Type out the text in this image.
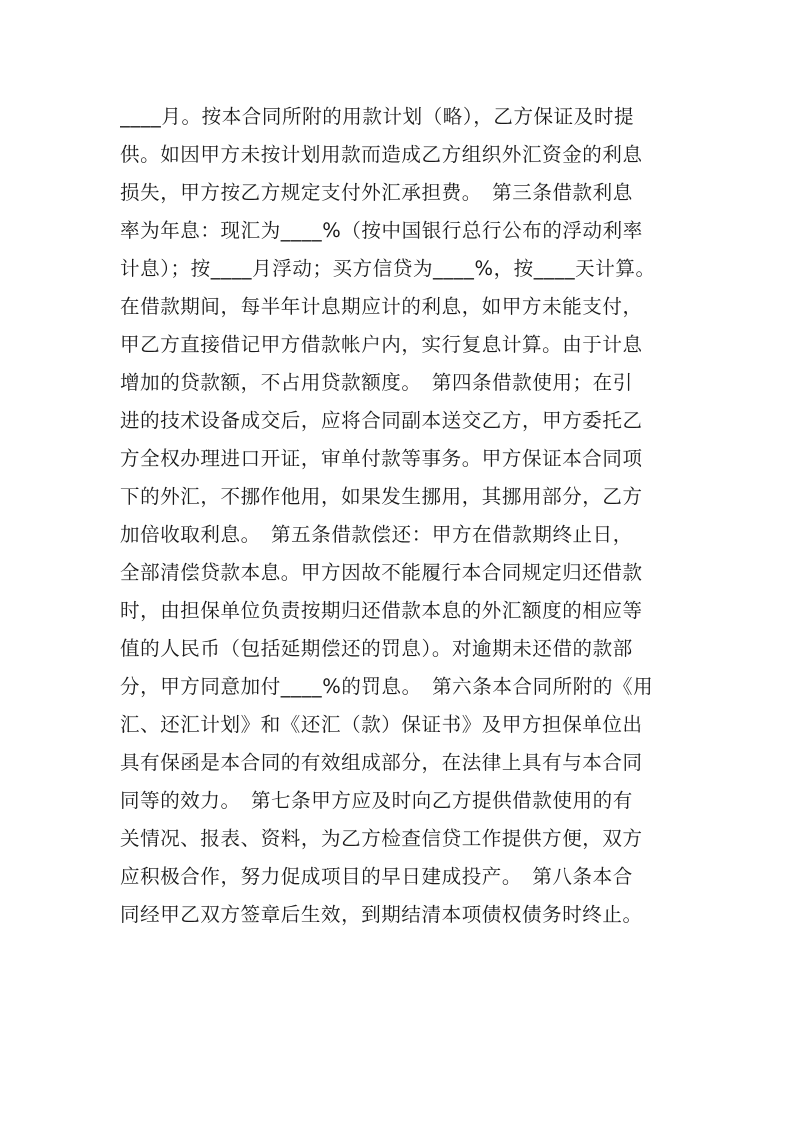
____月。按本合同所附的用款计划（略），乙方保证及时提
供。如因甲方未按计划用款而造成乙方组织外汇资金的利息
损失，甲方按乙方规定支付外汇承担费。　第三条借款利息
率为年息：现汇为____%（按中国银行总行公布的浮动利率
计息）；按____月浮动；买方信贷为____%，按____天计算。
在借款期间，每半年计息期应计的利息，如甲方未能支付，
甲乙方直接借记甲方借款帐户内，实行复息计算。由于计息
增加的贷款额，不占用贷款额度。　第四条借款使用；在引
进的技术设备成交后，应将合同副本送交乙方，甲方委托乙
方全权办理进口开证，审单付款等事务。甲方保证本合同项
下的外汇，不挪作他用，如果发生挪用，其挪用部分，乙方
加倍收取利息。　第五条借款偿还：甲方在借款期终止日，
全部清偿贷款本息。甲方因故不能履行本合同规定归还借款
时，由担保单位负责按期归还借款本息的外汇额度的相应等
值的人民币（包括延期偿还的罚息）。对逾期未还借的款部
分，甲方同意加付____%的罚息。　第六条本合同所附的《用
汇、还汇计划》和《还汇（款）保证书》及甲方担保单位出
具有保函是本合同的有效组成部分，在法律上具有与本合同
同等的效力。　第七条甲方应及时向乙方提供借款使用的有
关情况、报表、资料，为乙方检查信贷工作提供方便，双方
应积极合作，努力促成项目的早日建成投产。　第八条本合
同经甲乙双方签章后生效，到期结清本项债权债务时终止。
